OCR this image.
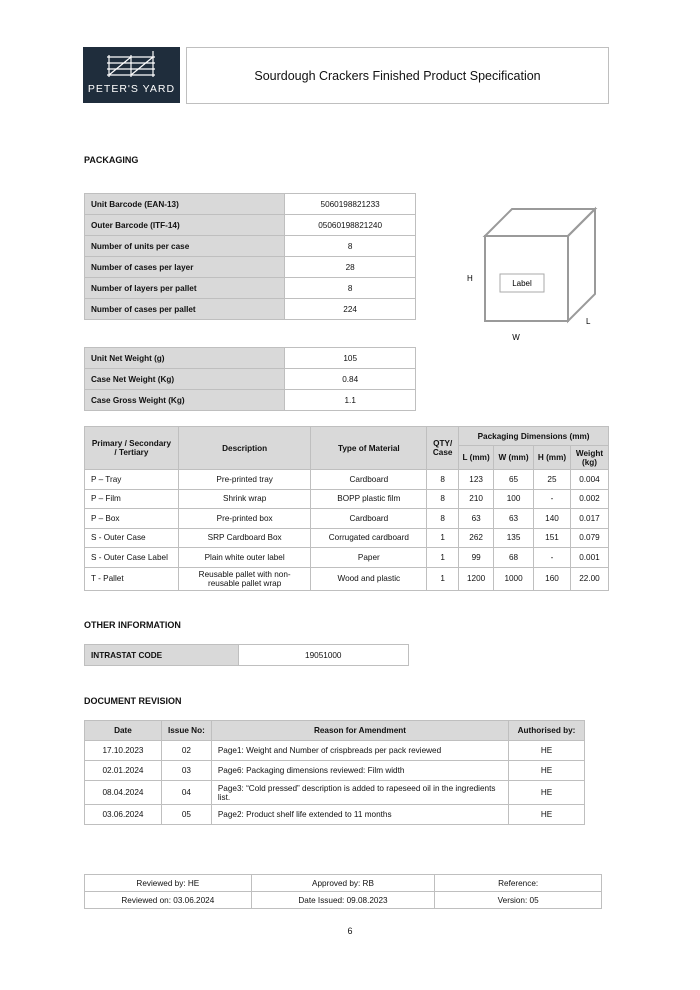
PETER'S YARD
Sourdough Crackers Finished Product Specification
PACKAGING
Unit Barcode (EAN-13)	5060198821233
Outer Barcode (ITF-14)	05060198821240
Number of units per case	8
Number of cases per layer	28
Number of layers per pallet	8
Number of cases per pallet	224
Unit Net Weight (g)	105
Case Net Weight (Kg)	0.84
Case Gross Weight (Kg)	1.1
Label
H
W
L
Primary / Secondary / Tertiary	Description	Type of Material	QTY/ Case	Packaging Dimensions (mm)			
				L (mm)	W (mm)	H (mm)	Weight (kg)
P – Tray	Pre-printed tray	Cardboard	8	123	65	25	0.004
P – Film	Shrink wrap	BOPP plastic film	8	210	100	-	0.002
P – Box	Pre-printed box	Cardboard	8	63	63	140	0.017
S - Outer Case	SRP Cardboard Box	Corrugated cardboard	1	262	135	151	0.079
S - Outer Case Label	Plain white outer label	Paper	1	99	68	-	0.001
T - Pallet	Reusable pallet with non-reusable pallet wrap	Wood and plastic	1	1200	1000	160	22.00
OTHER INFORMATION
INTRASTAT CODE	19051000
DOCUMENT REVISION
Date	Issue No:	Reason for Amendment	Authorised by:
17.10.2023	02	Page1: Weight and Number of crispbreads per pack reviewed	HE
02.01.2024	03	Page6: Packaging dimensions reviewed: Film width	HE
08.04.2024	04	Page3: “Cold pressed” description is added to rapeseed oil in the ingredients list.	HE
03.06.2024	05	Page2: Product shelf life extended to 11 months	HE
Reviewed by: HE	Approved by: RB	Reference:
Reviewed on: 03.06.2024	Date Issued: 09.08.2023	Version: 05
6
